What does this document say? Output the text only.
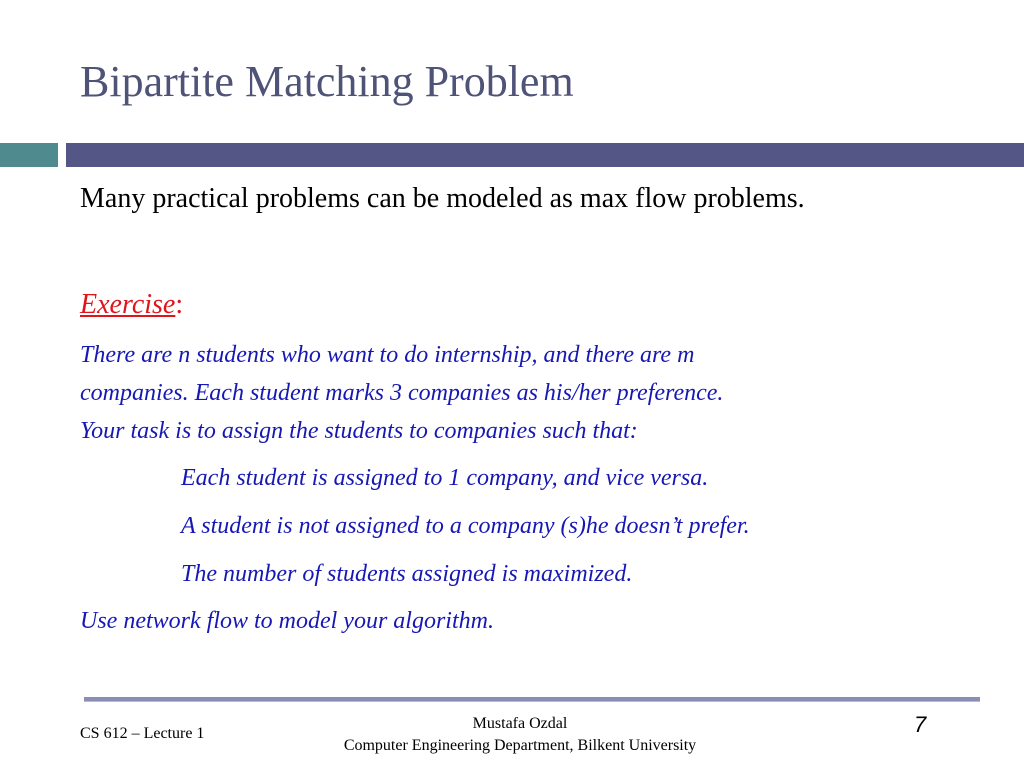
Bipartite Matching Problem
Many practical problems can be modeled as max flow problems.
Exercise:
There are n students who want to do internship, and there are m
companies. Each student marks 3 companies as his/her preference.
Your task is to assign the students to companies such that:
Each student is assigned to 1 company, and vice versa.
A student is not assigned to a company (s)he doesn’t prefer.
The number of students assigned is maximized.
Use network flow to model your algorithm.
CS 612 – Lecture 1
Mustafa Ozdal
Computer Engineering Department, Bilkent University
7
